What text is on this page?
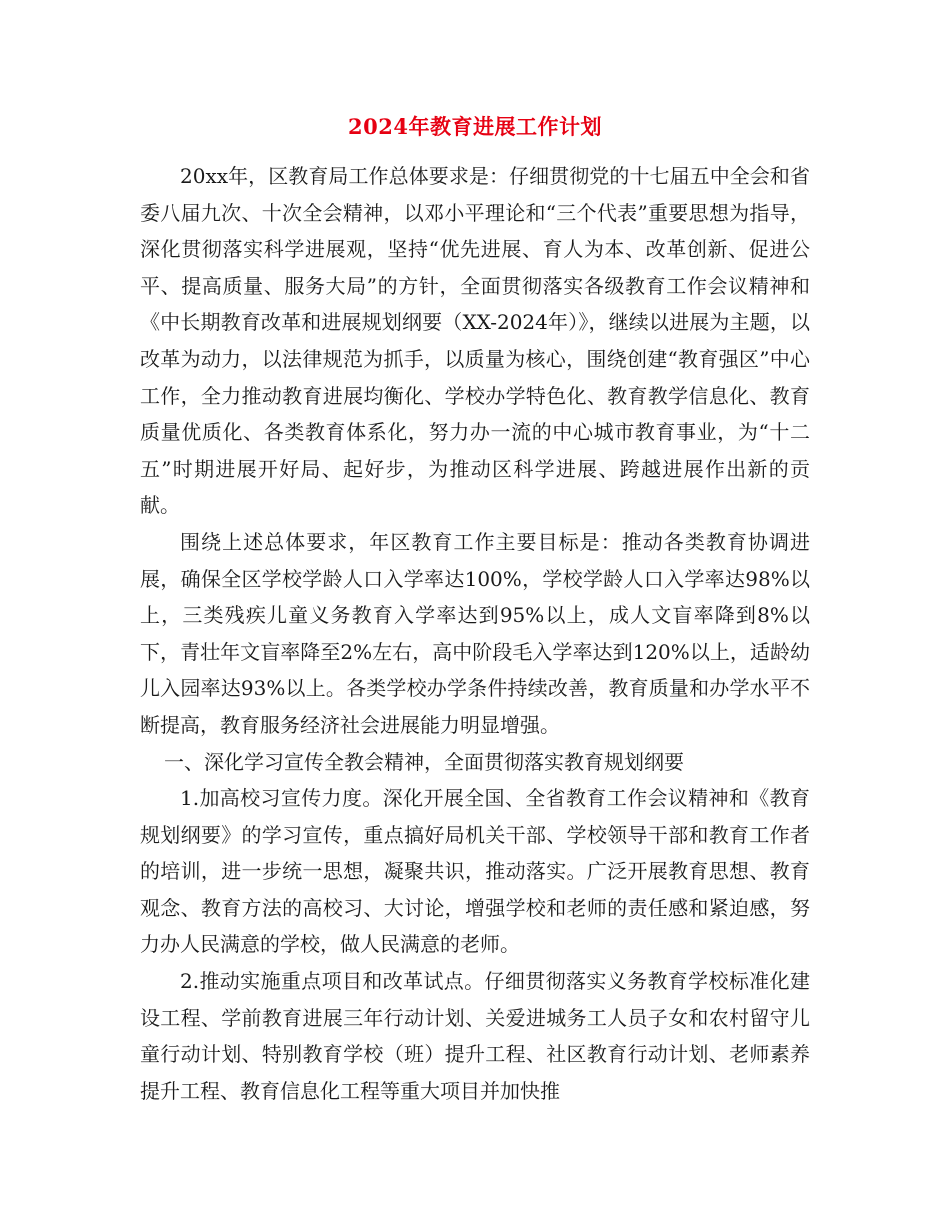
2024年教育进展工作计划

20xx年，区教育局工作总体要求是：仔细贯彻党的十七届五中全会和省委八届九次、十次全会精神，以邓小平理论和“三个代表”重要思想为指导，深化贯彻落实科学进展观，坚持“优先进展、育人为本、改革创新、促进公平、提高质量、服务大局”的方针，全面贯彻落实各级教育工作会议精神和《中长期教育改革和进展规划纲要（XX-2024年）》，继续以进展为主题，以改革为动力，以法律规范为抓手，以质量为核心，围绕创建“教育强区”中心工作，全力推动教育进展均衡化、学校办学特色化、教育教学信息化、教育质量优质化、各类教育体系化，努力办一流的中心城市教育事业，为“十二五”时期进展开好局、起好步，为推动区科学进展、跨越进展作出新的贡献。

围绕上述总体要求，年区教育工作主要目标是：推动各类教育协调进展，确保全区学校学龄人口入学率达100%，学校学龄人口入学率达98%以上，三类残疾儿童义务教育入学率达到95%以上，成人文盲率降到8%以下，青壮年文盲率降至2%左右，高中阶段毛入学率达到120%以上，适龄幼儿入园率达93%以上。各类学校办学条件持续改善，教育质量和办学水平不断提高，教育服务经济社会进展能力明显增强。

一、深化学习宣传全教会精神，全面贯彻落实教育规划纲要

1.加高校习宣传力度。深化开展全国、全省教育工作会议精神和《教育规划纲要》的学习宣传，重点搞好局机关干部、学校领导干部和教育工作者的培训，进一步统一思想，凝聚共识，推动落实。广泛开展教育思想、教育观念、教育方法的高校习、大讨论，增强学校和老师的责任感和紧迫感，努力办人民满意的学校，做人民满意的老师。

2.推动实施重点项目和改革试点。仔细贯彻落实义务教育学校标准化建设工程、学前教育进展三年行动计划、关爱进城务工人员子女和农村留守儿童行动计划、特别教育学校（班）提升工程、社区教育行动计划、老师素养提升工程、教育信息化工程等重大项目并加快推
